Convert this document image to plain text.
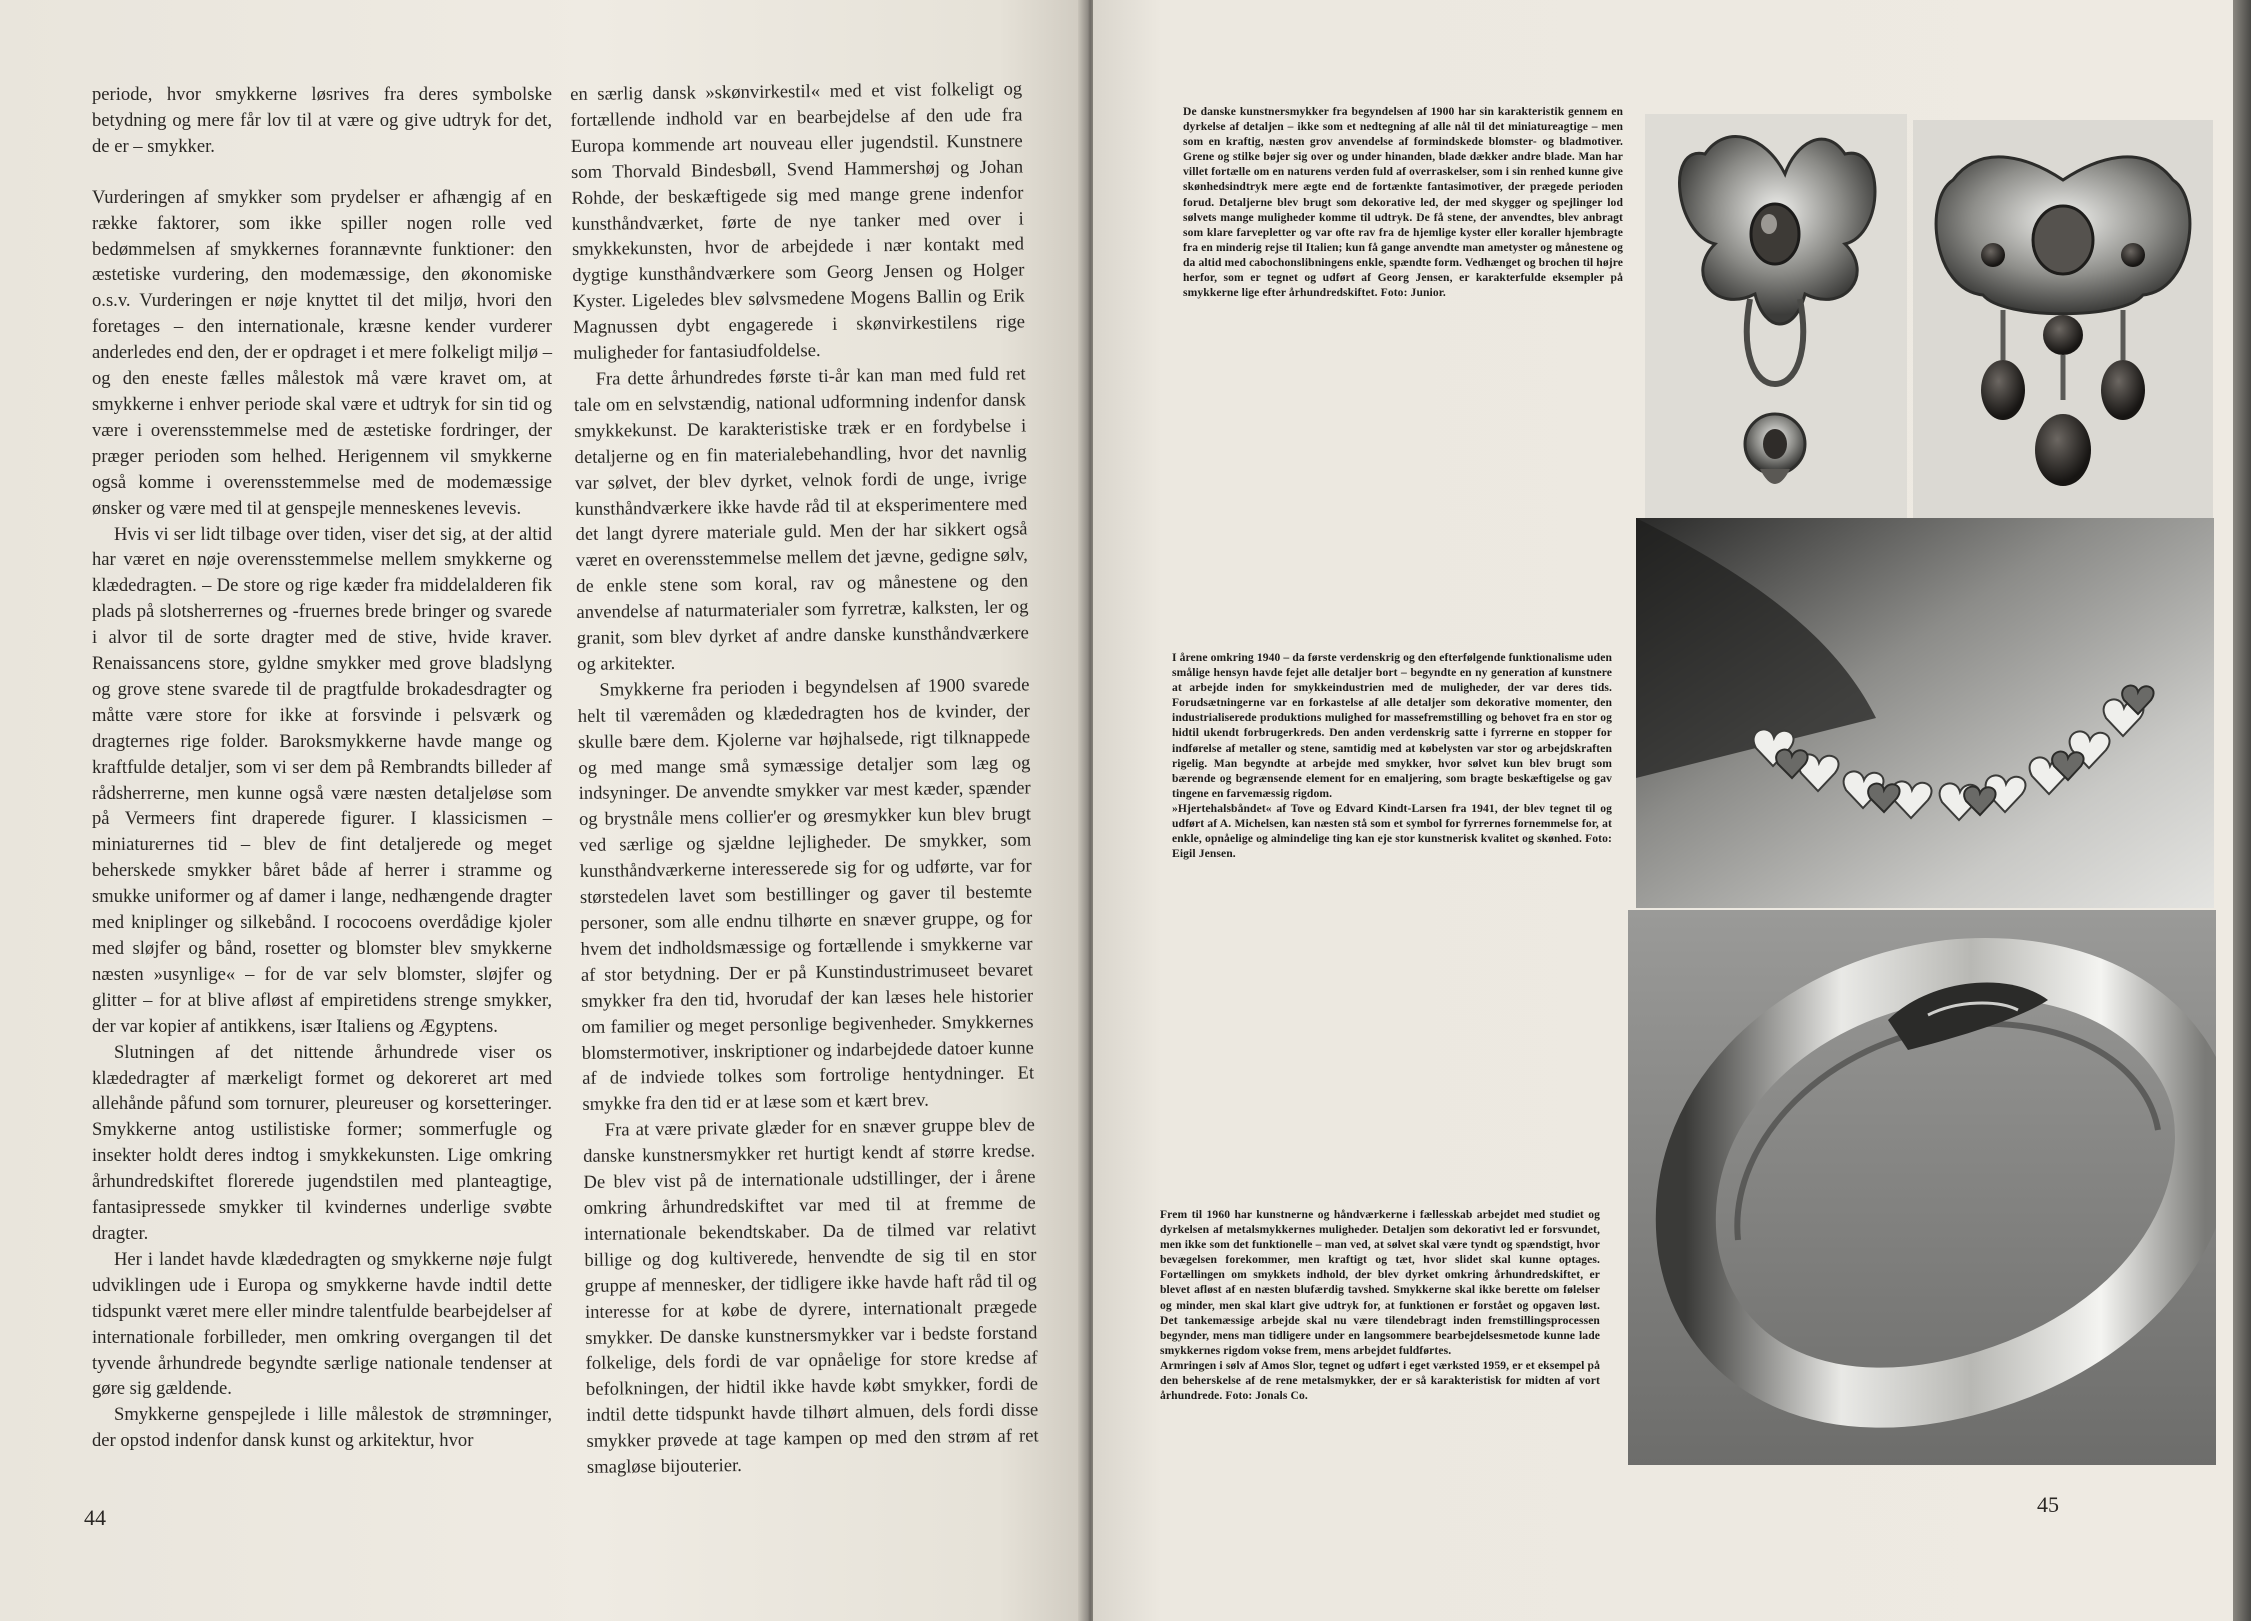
periode, hvor smykkerne løsrives fra deres symbolske betydning og mere får lov til at være og give udtryk for det, de er – smykker.

Vurderingen af smykker som prydelser er afhængig af en række faktorer, som ikke spiller nogen rolle ved bedømmelsen af smykkernes forannævnte funktioner: den æstetiske vurdering, den modemæssige, den økonomiske o.s.v. Vurderingen er nøje knyttet til det miljø, hvori den foretages – den internationale, kræsne kender vurderer anderledes end den, der er opdraget i et mere folkeligt miljø – og den eneste fælles målestok må være kravet om, at smykkerne i enhver periode skal være et udtryk for sin tid og være i overensstemmelse med de æstetiske fordringer, der præger perioden som helhed. Herigennem vil smykkerne også komme i overensstemmelse med de modemæssige ønsker og være med til at genspejle menneskenes levevis.

Hvis vi ser lidt tilbage over tiden, viser det sig, at der altid har været en nøje overensstemmelse mellem smykkerne og klædedragten. – De store og rige kæder fra middelalderen fik plads på slotsherrernes og -fruernes brede bringer og svarede i alvor til de sorte dragter med de stive, hvide kraver. Renaissancens store, gyldne smykker med grove bladslyng og grove stene svarede til de pragtfulde brokadesdragter og måtte være store for ikke at forsvinde i pelsværk og dragternes rige folder. Baroksmykkerne havde mange og kraftfulde detaljer, som vi ser dem på Rembrandts billeder af rådsherrerne, men kunne også være næsten detaljeløse som på Vermeers fint draperede figurer. I klassicismen – miniaturernes tid – blev de fint detaljerede og meget beherskede smykker båret både af herrer i stramme og smukke uniformer og af damer i lange, nedhængende dragter med kniplinger og silkebånd. I rococoens overdådige kjoler med sløjfer og bånd, rosetter og blomster blev smykkerne næsten »usynlige« – for de var selv blomster, sløjfer og glitter – for at blive afløst af empiretidens strenge smykker, der var kopier af antikkens, især Italiens og Ægyptens.

Slutningen af det nittende århundrede viser os klædedragter af mærkeligt formet og dekoreret art med allehånde påfund som tornurer, pleureuser og korsetteringer. Smykkerne antog ustilistiske former; sommerfugle og insekter holdt deres indtog i smykkekunsten. Lige omkring århundredskiftet florerede jugendstilen med planteagtige, fantasipressede smykker til kvindernes underlige svøbte dragter.

Her i landet havde klædedragten og smykkerne nøje fulgt udviklingen ude i Europa og smykkerne havde indtil dette tidspunkt været mere eller mindre talentfulde bearbejdelser af internationale forbilleder, men omkring overgangen til det tyvende århundrede begyndte særlige nationale tendenser at gøre sig gældende.

Smykkerne genspejlede i lille målestok de strømninger, der opstod indenfor dansk kunst og arkitektur, hvor

en særlig dansk »skønvirkestil« med et vist folkeligt og fortællende indhold var en bearbejdelse af den ude fra Europa kommende art nouveau eller jugendstil. Kunstnere som Thorvald Bindesbøll, Svend Hammershøj og Johan Rohde, der beskæftigede sig med mange grene indenfor kunsthåndværket, førte de nye tanker med over i smykkekunsten, hvor de arbejdede i nær kontakt med dygtige kunsthåndværkere som Georg Jensen og Holger Kyster. Ligeledes blev sølvsmedene Mogens Ballin og Erik Magnussen dybt engagerede i skønvirkestilens rige muligheder for fantasiudfoldelse.

Fra dette århundredes første ti-år kan man med fuld ret tale om en selvstændig, national udformning indenfor dansk smykkekunst. De karakteristiske træk er en fordybelse i detaljerne og en fin materialebehandling, hvor det navnlig var sølvet, der blev dyrket, velnok fordi de unge, ivrige kunsthåndværkere ikke havde råd til at eksperimentere med det langt dyrere materiale guld. Men der har sikkert også været en overensstemmelse mellem det jævne, gedigne sølv, de enkle stene som koral, rav og månestene og den anvendelse af naturmaterialer som fyrretræ, kalksten, ler og granit, som blev dyrket af andre danske kunsthåndværkere og arkitekter.

Smykkerne fra perioden i begyndelsen af 1900 svarede helt til væremåden og klædedragten hos de kvinder, der skulle bære dem. Kjolerne var højhalsede, rigt tilknappede og med mange små symæssige detaljer som læg og indsyninger. De anvendte smykker var mest kæder, spænder og brystnåle mens collier'er og øresmykker kun blev brugt ved særlige og sjældne lejligheder. De smykker, som kunsthåndværkerne interesserede sig for og udførte, var for størstedelen lavet som bestillinger og gaver til bestemte personer, som alle endnu tilhørte en snæver gruppe, og for hvem det indholdsmæssige og fortællende i smykkerne var af stor betydning. Der er på Kunstindustrimuseet bevaret smykker fra den tid, hvorudaf der kan læses hele historier om familier og meget personlige begivenheder. Smykkernes blomstermotiver, inskriptioner og indarbejdede datoer kunne af de indviede tolkes som fortrolige hentydninger. Et smykke fra den tid er at læse som et kært brev.

Fra at være private glæder for en snæver gruppe blev de danske kunstnersmykker ret hurtigt kendt af større kredse. De blev vist på de internationale udstillinger, der i årene omkring århundredskiftet var med til at fremme de internationale bekendtskaber. Da de tilmed var relativt billige og dog kultiverede, henvendte de sig til en stor gruppe af mennesker, der tidligere ikke havde haft råd til og interesse for at købe de dyrere, internationalt prægede smykker. De danske kunstnersmykker var i bedste forstand folkelige, dels fordi de var opnåelige for store kredse af befolkningen, der hidtil ikke havde købt smykker, fordi de indtil dette tidspunkt havde tilhørt almuen, dels fordi disse smykker prøvede at tage kampen op med den strøm af ret smagløse bijouterier.

44
De danske kunstnersmykker fra begyndelsen af 1900 har sin karakteristik gennem en dyrkelse af detaljen – ikke som et nedtegning af alle nål til det miniatureagtige – men som en kraftig, næsten grov anvendelse af formindskede blomster- og bladmotiver. Grene og stilke bøjer sig over og under hinanden, blade dækker andre blade. Man har villet fortælle om en naturens verden fuld af overraskelser, som i sin renhed kunne give skønhedsindtryk mere ægte end de fortænkte fantasimotiver, der prægede perioden forud. Detaljerne blev brugt som dekorative led, der med skygger og spejlinger lod sølvets mange muligheder komme til udtryk. De få stene, der anvendtes, blev anbragt som klare farvepletter og var ofte rav fra de hjemlige kyster eller koraller hjembragte fra en minderig rejse til Italien; kun få gange anvendte man ametyster og månestene og da altid med cabochonslibningens enkle, spændte form. Vedhænget og brochen til højre herfor, som er tegnet og udført af Georg Jensen, er karakterfulde eksempler på smykkerne lige efter århundredskiftet. Foto: Junior.
I årene omkring 1940 – da første verdenskrig og den efterfølgende funktionalisme uden smålige hensyn havde fejet alle detaljer bort – begyndte en ny generation af kunstnere at arbejde inden for smykkeindustrien med de muligheder, der var deres tids. Forudsætningerne var en forkastelse af alle detaljer som dekorative momenter, den industrialiserede produktions mulighed for massefremstilling og behovet fra en stor og hidtil ukendt forbrugerkreds. Den anden verdenskrig satte i fyrrerne en stopper for indførelse af metaller og stene, samtidig med at købelysten var stor og arbejdskraften rigelig. Man begyndte at arbejde med smykker, hvor sølvet kun blev brugt som bærende og begrænsende element for en emaljering, som bragte beskæftigelse og gav tingene en farvemæssig rigdom.
»Hjertehalsbåndet« af Tove og Edvard Kindt-Larsen fra 1941, der blev tegnet til og udført af A. Michelsen, kan næsten stå som et symbol for fyrrernes fornemmelse for, at enkle, opnåelige og almindelige ting kan eje stor kunstnerisk kvalitet og skønhed. Foto: Eigil Jensen.
Frem til 1960 har kunstnerne og håndværkerne i fællesskab arbejdet med studiet og dyrkelsen af metalsmykkernes muligheder. Detaljen som dekorativt led er forsvundet, men ikke som det funktionelle – man ved, at sølvet skal være tyndt og spændstigt, hvor bevægelsen forekommer, men kraftigt og tæt, hvor slidet skal kunne optages. Fortællingen om smykkets indhold, der blev dyrket omkring århundredskiftet, er blevet afløst af en næsten blufærdig tavshed. Smykkerne skal ikke berette om følelser og minder, men skal klart give udtryk for, at funktionen er forstået og opgaven løst. Det tankemæssige arbejde skal nu være tilendebragt inden fremstillingsprocessen begynder, mens man tidligere under en langsommere bearbejdelsesmetode kunne lade smykkernes rigdom vokse frem, mens arbejdet fuldførtes.
Armringen i sølv af Amos Slor, tegnet og udført i eget værksted 1959, er et eksempel på den beherskelse af de rene metalsmykker, der er så karakteristisk for midten af vort århundrede. Foto: Jonals Co.
45
